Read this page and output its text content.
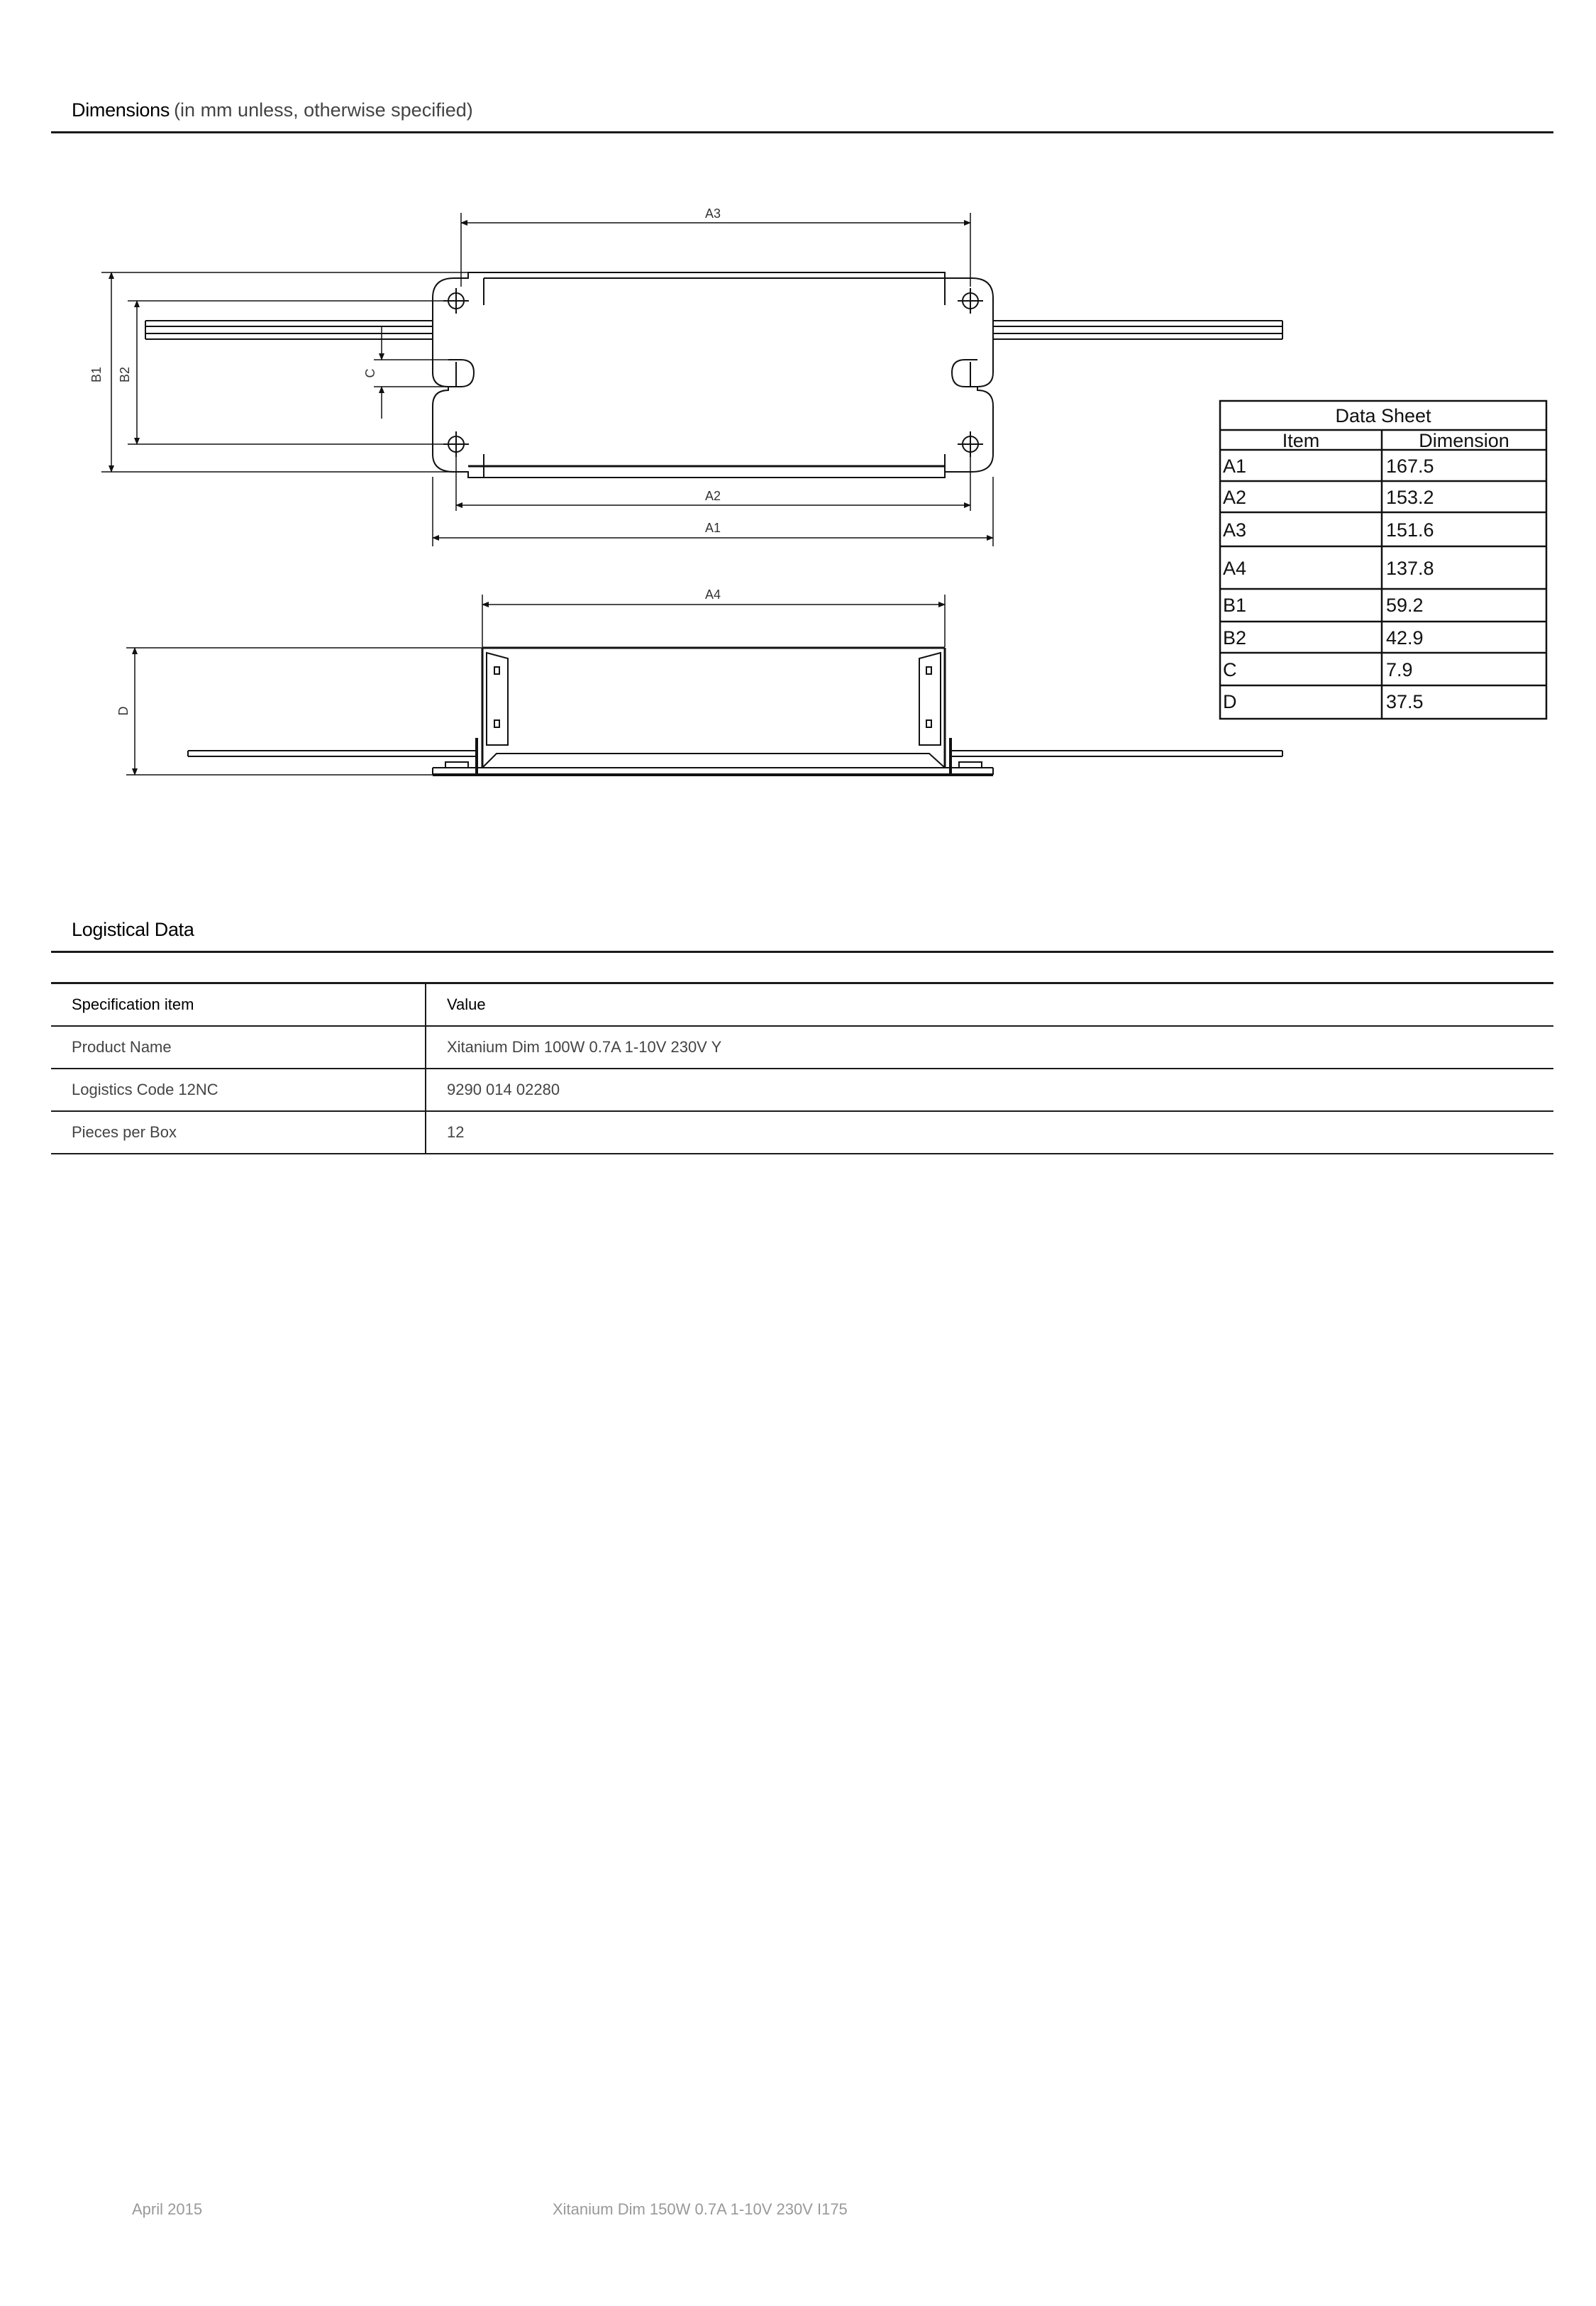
Dimensions (in mm unless, otherwise specified)
A3
A2
A1
A4
B1 B2	C
D
Data Sheet
Item	Dimension
A1	167.5
A2	153.2
A3	151.6
A4	137.8
B1	59.2
B2	42.9
C	7.9
D	37.5
Logistical Data
Specification item	Value
Product Name	Xitanium Dim 100W 0.7A 1-10V 230V Y
Logistics Code 12NC	9290 014 02280
Pieces per Box	12
April 2015	Xitanium Dim 150W 0.7A 1-10V 230V I175
